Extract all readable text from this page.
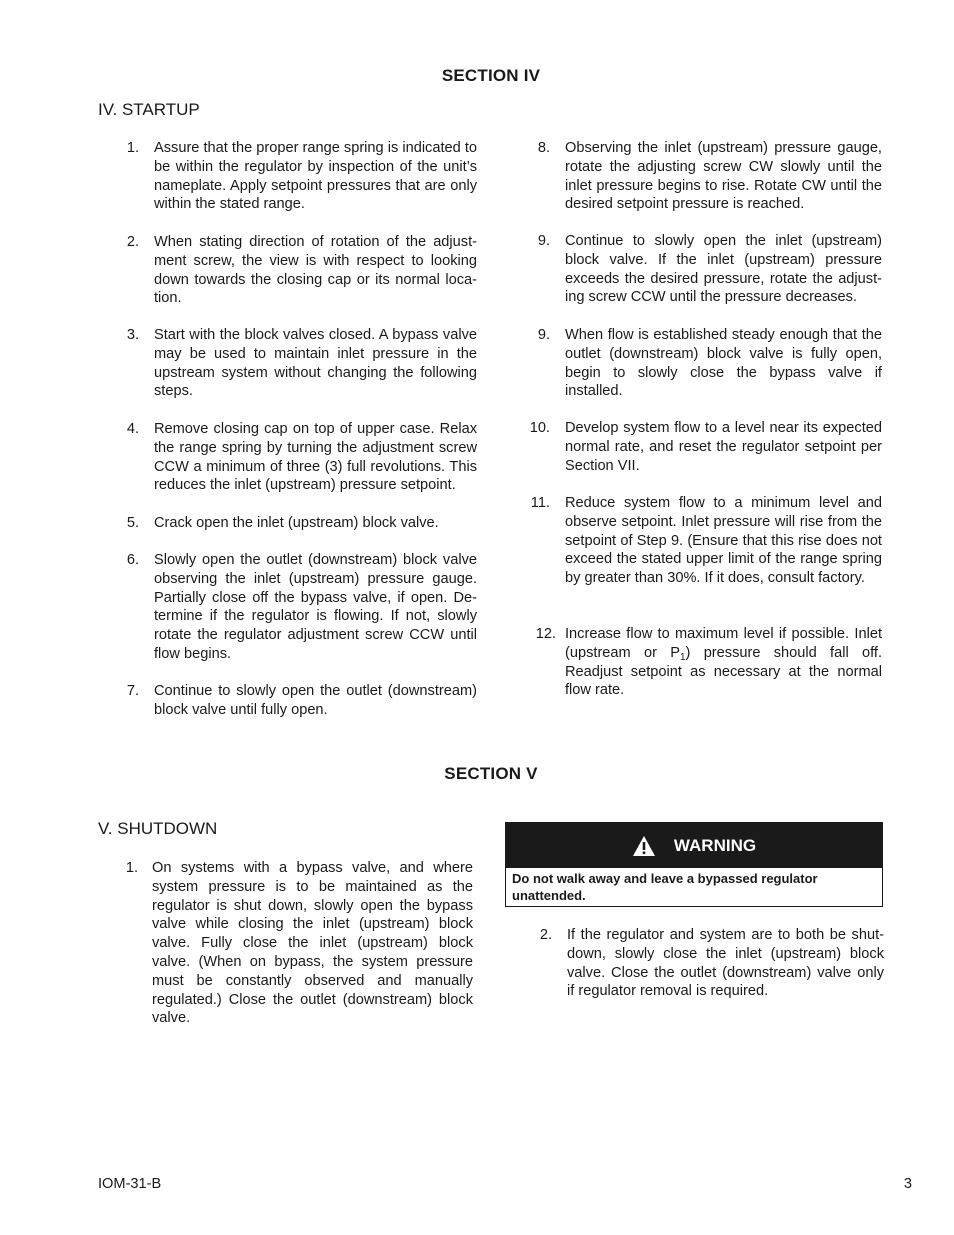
SECTION IV
IV. STARTUP
1. Assure that the proper range spring is indicated to be within the regulator by inspection of the unit’s nameplate. Apply setpoint pressures that are only within the stated range.
2. When stating direction of rotation of the adjust-ment screw, the view is with respect to looking down towards the closing cap or its normal loca-tion.
3. Start with the block valves closed. A bypass valve may be used to maintain inlet pressure in the upstream system without changing the following steps.
4. Remove closing cap on top of upper case. Relax the range spring by turning the adjustment screw CCW a minimum of three (3) full revolutions. This reduces the inlet (upstream) pressure setpoint.
5. Crack open the inlet (upstream) block valve.
6. Slowly open the outlet (downstream) block valve observing the inlet (upstream) pressure gauge. Partially close off the bypass valve, if open. De-termine if the regulator is flowing. If not, slowly rotate the regulator adjustment screw CCW until flow begins.
7. Continue to slowly open the outlet (downstream) block valve until fully open.
8. Observing the inlet (upstream) pressure gauge, rotate the adjusting screw CW slowly until the inlet pressure begins to rise. Rotate CW until the desired setpoint pressure is reached.
9. Continue to slowly open the inlet (upstream) block valve. If the inlet (upstream) pressure exceeds the desired pressure, rotate the adjust-ing screw CCW until the pressure decreases.
9. When flow is established steady enough that the outlet (downstream) block valve is fully open, begin to slowly close the bypass valve if installed.
10. Develop system flow to a level near its expected normal rate, and reset the regulator setpoint per Section VII.
11. Reduce system flow to a minimum level and observe setpoint. Inlet pressure will rise from the setpoint of Step 9. (Ensure that this rise does not exceed the stated upper limit of the range spring by greater than 30%. If it does, consult factory.
12. Increase flow to maximum level if possible. Inlet (upstream or $P_1$) pressure should fall off. Readjust setpoint as necessary at the normal flow rate.
SECTION V
V. SHUTDOWN
1. On systems with a bypass valve, and where system pressure is to be maintained as the regulator is shut down, slowly open the bypass valve while closing the inlet (upstream) block valve. Fully close the inlet (upstream) block valve. (When on bypass, the system pressure must be constantly observed and manually regulated.) Close the outlet (downstream) block valve.
WARNING
Do not walk away and leave a bypassed regulator unattended.
2. If the regulator and system are to both be shut-down, slowly close the inlet (upstream) block valve. Close the outlet (downstream) valve only if regulator removal is required.
IOM-31-B	3
